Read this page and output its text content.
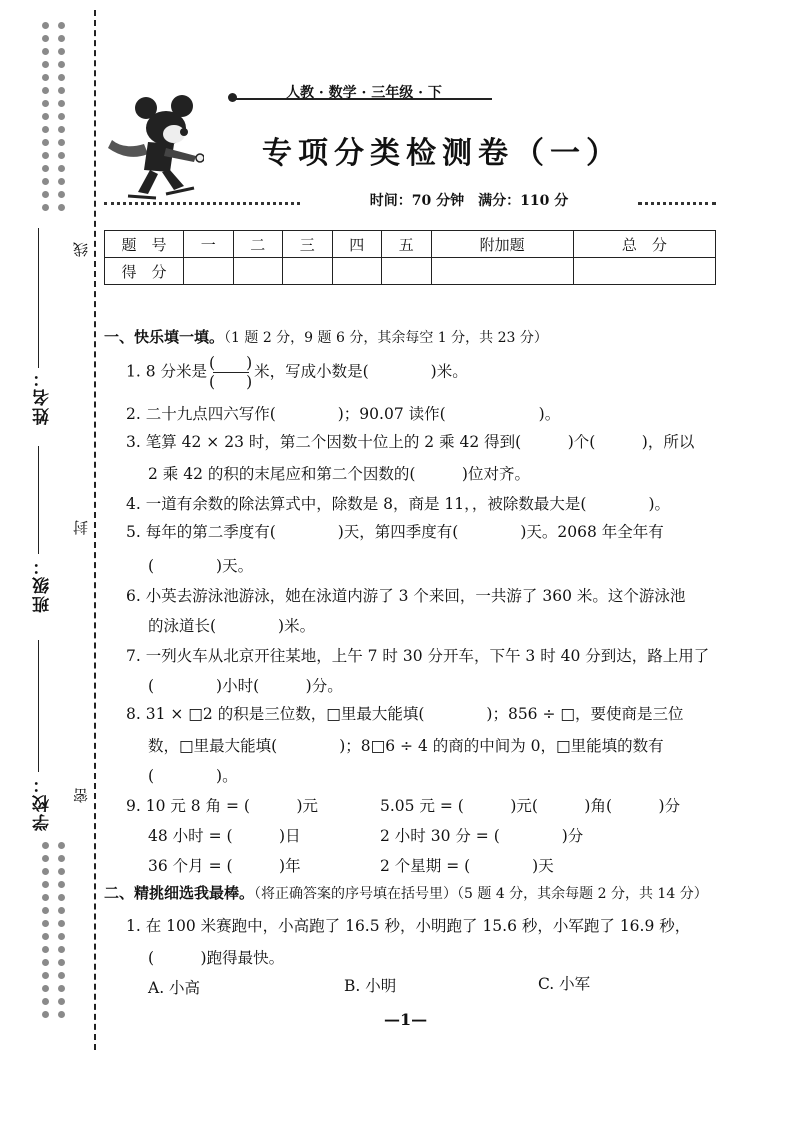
姓名：
班级：
学校：
线
封
密
人教 · 数学 · 三年级 · 下
专项分类检测卷（一）
时间：70 分钟　满分：110 分
题　号	一	二	三	四	五	附加题	总　分
得　分							
一、快乐填一填。（1 题 2 分，9 题 6 分，其余每空 1 分，共 23 分）
1. 8 分米是 $\frac{( )}{( )}$ 米，写成小数是(　　　　)米。
2. 二十九点四六写作(　　　　)；90.07 读作(　　　　　　)。
3. 笔算 42 × 23 时，第二个因数十位上的 2 乘 42 得到(　　　)个(　　　)，所以
2 乘 42 的积的末尾应和第二个因数的(　　　)位对齐。
4. 一道有余数的除法算式中，除数是 8，商是 11，，被除数最大是(　　　　)。
5. 每年的第二季度有(　　　　)天，第四季度有(　　　　)天。2068 年全年有
(　　　　)天。
6. 小英去游泳池游泳，她在泳道内游了 3 个来回，一共游了 360 米。这个游泳池
的泳道长(　　　　)米。
7. 一列火车从北京开往某地，上午 7 时 30 分开车，下午 3 时 40 分到达，路上用了
(　　　　)小时(　　　)分。
8. 31 × □2 的积是三位数，□里最大能填(　　　　)；856 ÷ □，要使商是三位
数，□里最大能填(　　　　)；8□6 ÷ 4 的商的中间为 0，□里能填的数有
(　　　　)。
9. 10 元 8 角 = (　　　)元	5.05 元 = (　　　)元(　　　)角(　　　)分
48 小时 = (　　　)日	2 小时 30 分 = (　　　　)分
36 个月 = (　　　)年	2 个星期 = (　　　　)天
二、精挑细选我最棒。（将正确答案的序号填在括号里）（5 题 4 分，其余每题 2 分，共 14 分）
1. 在 100 米赛跑中，小高跑了 16.5 秒，小明跑了 15.6 秒，小军跑了 16.9 秒，
(　　　)跑得最快。
A. 小高	B. 小明	C. 小军
—1—
